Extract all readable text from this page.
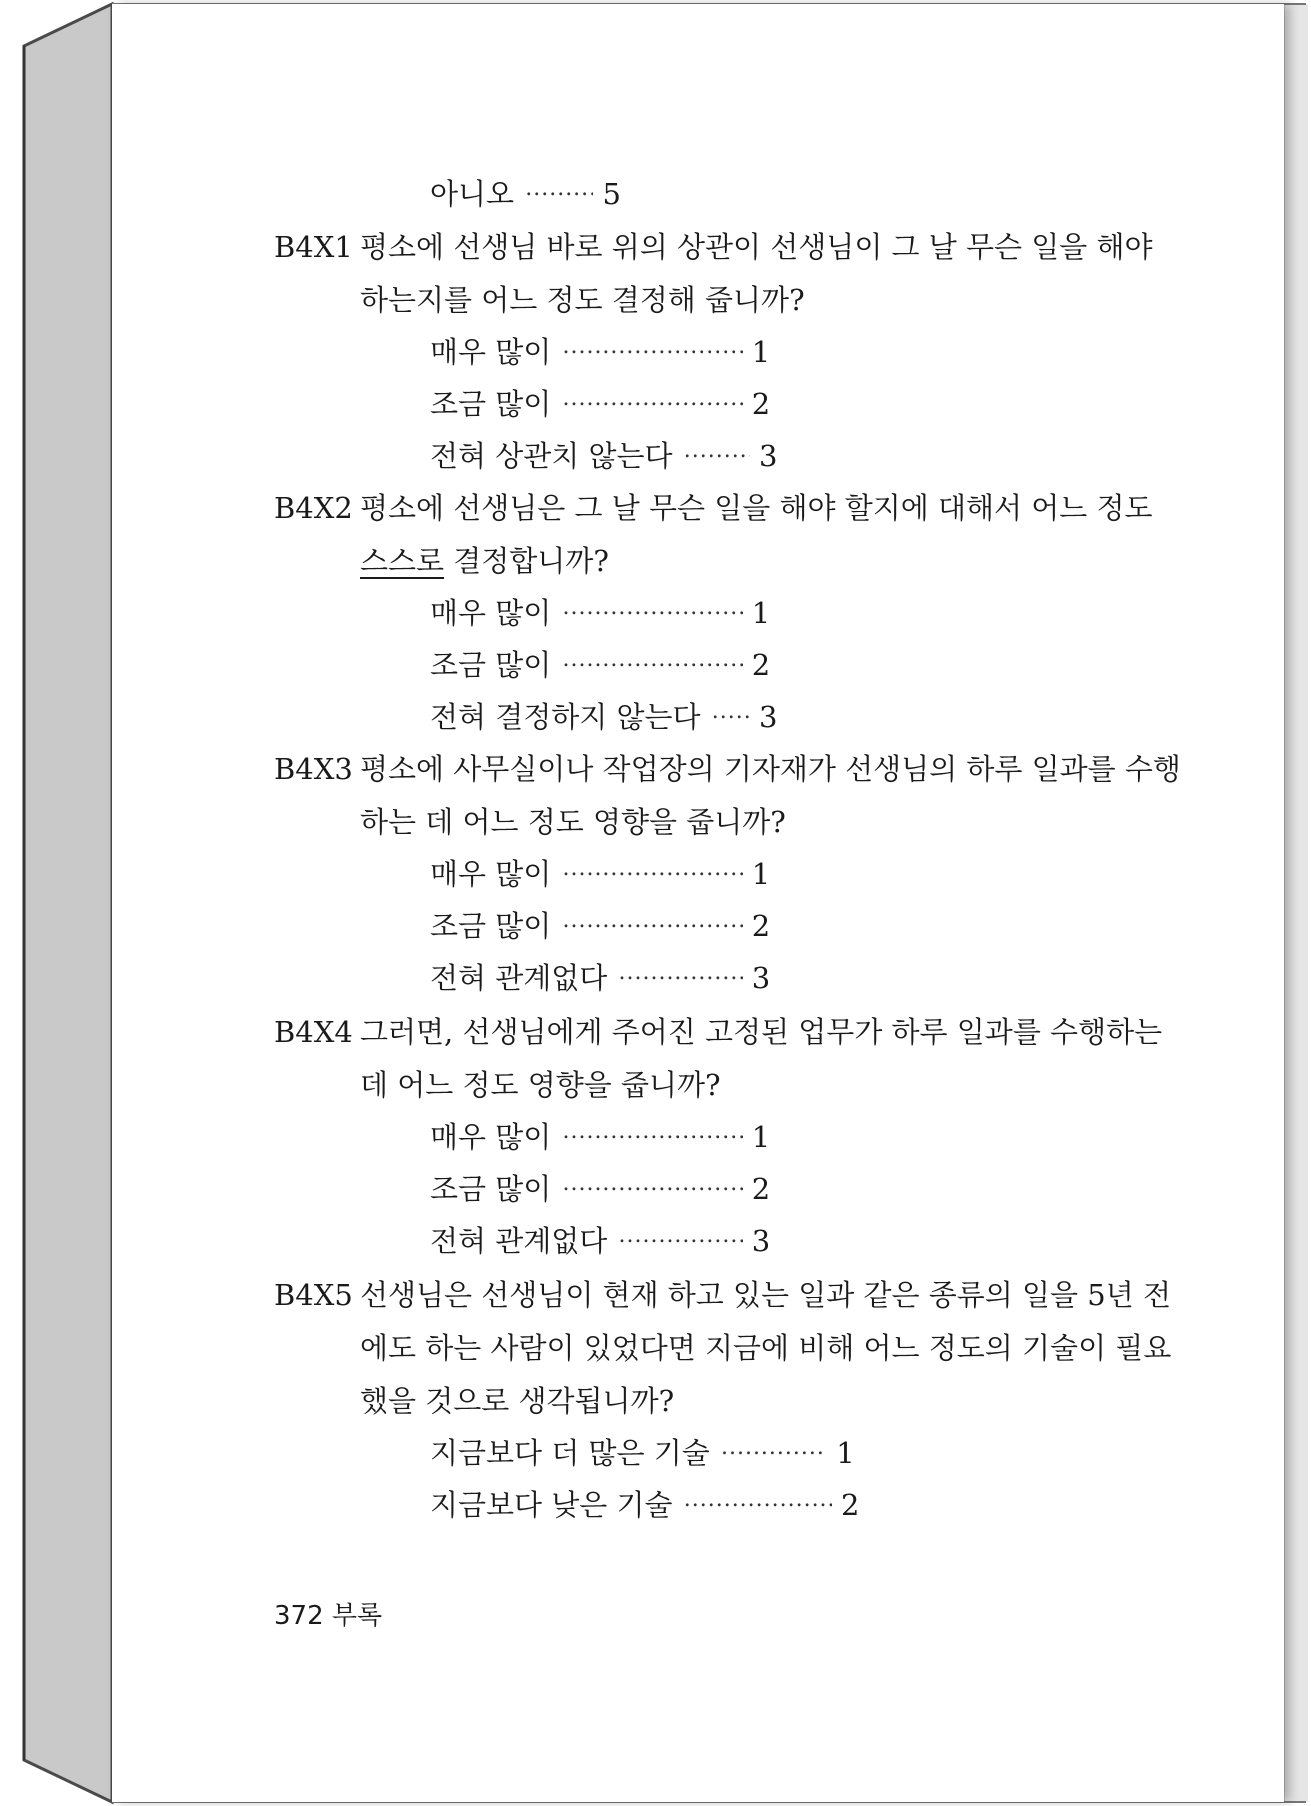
아니오 . . .	5
B4X1 평소에 선생님 바로 위의 상관이 선생님이 그 날 무슨 일을 해야
하는지를 어느 정도 결정해 줍니까?
매우 많이 . . .	1
조금 많이 . . .	2
전혀 상관치 않는다 . . .	3
B4X2 평소에 선생님은 그 날 무슨 일을 해야 할지에 대해서 어느 정도
스스로 결정합니까?
매우 많이 . . .	1
조금 많이 . . .	2
전혀 결정하지 않는다 . . . 3
B4X3 평소에 사무실이나 작업장의 기자재가 선생님의 하루 일과를 수행
하는 데 어느 정도 영향을 줍니까?
매우 많이 . . .	1
조금 많이 . . .	2
전혀 관계없다 . . .	3
B4X4 그러면, 선생님에게 주어진 고정된 업무가 하루 일과를 수행하는
데 어느 정도 영향을 줍니까?
매우 많이 . . .	1
조금 많이 . . .	2
전혀 관계없다 . . .	3
B4X5 선생님은 선생님이 현재 하고 있는 일과 같은 종류의 일을 5년 전
에도 하는 사람이 있었다면 지금에 비해 어느 정도의 기술이 필요
했을 것으로 생각됩니까?
지금보다 더 많은 기술 . . .	1
지금보다 낮은 기술 . . .	2
372 부록
